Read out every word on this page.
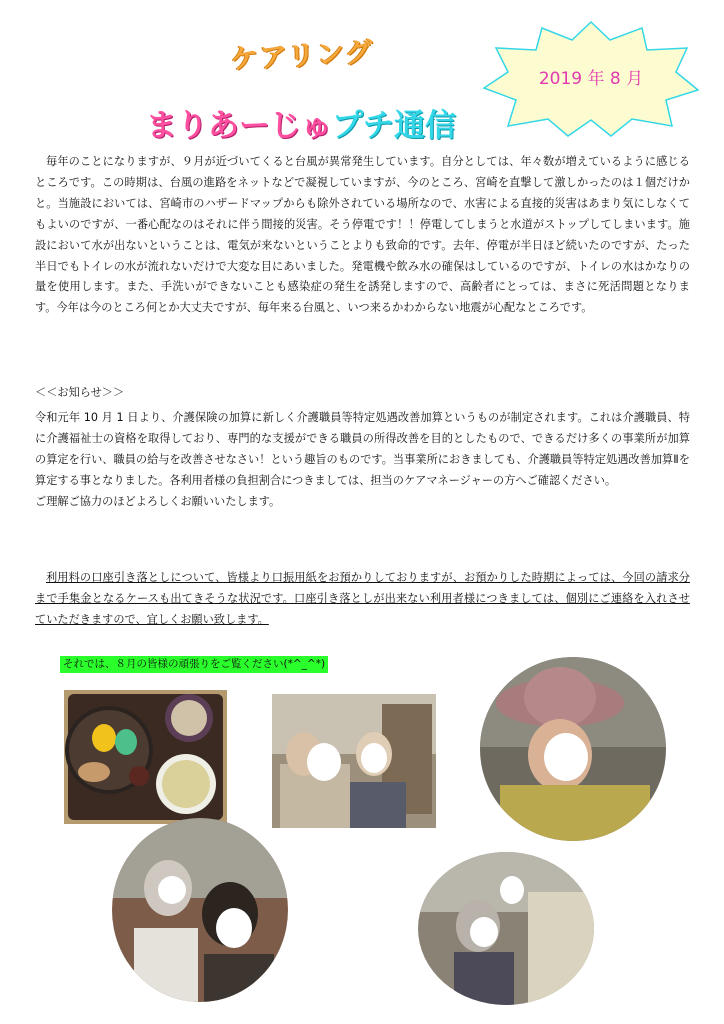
ケアリング
まりあーじゅプチ通信
2019 年 8 月

毎年のことになりますが、９月が近づいてくると台風が異常発生しています。自分としては、年々数が増えているように感じるところです。この時期は、台風の進路をネットなどで凝視していますが、今のところ、宮崎を直撃して激しかったのは１個だけかと。当施設においては、宮崎市のハザードマップからも除外されている場所なので、水害による直接的災害はあまり気にしなくてもよいのですが、一番心配なのはそれに伴う間接的災害。そう停電です！！停電してしまうと水道がストップしてしまいます。施設において水が出ないということは、電気が来ないということよりも致命的です。去年、停電が半日ほど続いたのですが、たった半日でもトイレの水が流れないだけで大変な目にあいました。発電機や飲み水の確保はしているのですが、トイレの水はかなりの量を使用します。また、手洗いができないことも感染症の発生を誘発しますので、高齢者にとっては、まさに死活問題となります。今年は今のところ何とか大丈夫ですが、毎年来る台風と、いつ来るかわからない地震が心配なところです。

＜＜お知らせ＞＞

令和元年 10 月 1 日より、介護保険の加算に新しく介護職員等特定処遇改善加算というものが制定されます。これは介護職員、特に介護福祉士の資格を取得しており、専門的な支援ができる職員の所得改善を目的としたもので、できるだけ多くの事業所が加算の算定を行い、職員の給与を改善させなさい！という趣旨のものです。当事業所におきましても、介護職員等特定処遇改善加算Ⅱを算定する事となりました。各利用者様の負担割合につきましては、担当のケアマネージャーの方へご確認ください。
ご理解ご協力のほどよろしくお願いいたします。

利用料の口座引き落としについて、皆様より口振用紙をお預かりしておりますが、お預かりした時期によっては、今回の請求分まで手集金となるケースも出てきそうな状況です。口座引き落としが出来ない利用者様につきましては、個別にご連絡を入れさせていただきますので、宜しくお願い致します。

それでは、８月の皆様の頑張りをご覧ください(*^_^*)
